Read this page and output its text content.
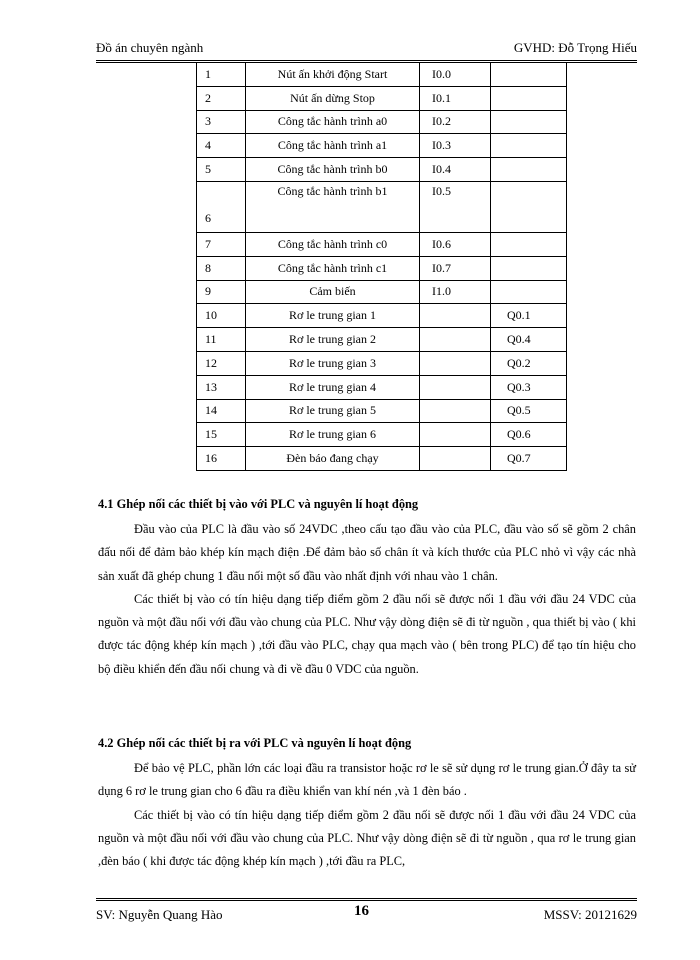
Đồ án chuyên ngành	GVHD: Đỗ Trọng Hiếu
1	Nút ấn khởi động Start	I0.0	
2	Nút ấn dừng Stop	I0.1	
3	Công tắc hành trình a0	I0.2	
4	Công tắc hành trình a1	I0.3	
5	Công tắc hành trình b0	I0.4	
6	Công tắc hành trình b1	I0.5	
7	Công tắc hành trình c0	I0.6	
8	Công tắc hành trình c1	I0.7	
9	Cảm biến	I1.0	
10	Rơ le trung gian 1		Q0.1
11	Rơ le trung gian 2		Q0.4
12	Rơ le trung gian 3		Q0.2
13	Rơ le trung gian 4		Q0.3
14	Rơ le trung gian 5		Q0.5
15	Rơ le trung gian 6		Q0.6
16	Đèn báo đang chạy		Q0.7
4.1 Ghép nối các thiết bị vào với PLC và nguyên lí hoạt động

Đầu vào của PLC là đầu vào số 24VDC ,theo cấu tạo đầu vào của PLC, đầu vào số sẽ gồm 2 chân đấu nối để đảm bảo khép kín mạch điện .Để đảm bảo số chân ít và kích thước của PLC nhỏ vì vậy các nhà sản xuất đã ghép chung 1 đầu nối một số đầu vào nhất định với nhau vào 1 chân.

Các thiết bị vào có tín hiệu dạng tiếp điểm gồm 2 đầu nối sẽ được nối 1 đầu với đầu 24 VDC của nguồn và một đầu nối với đầu vào chung của PLC. Như vậy dòng điện sẽ đi từ nguồn , qua thiết bị vào ( khi được tác động khép kín mạch ) ,tới đầu vào PLC, chạy qua mạch vào ( bên trong PLC) để tạo tín hiệu cho bộ điều khiển đến đầu nối chung và đi về đầu 0 VDC của nguồn.

4.2 Ghép nối các thiết bị ra với PLC và nguyên lí hoạt động

Để bảo vệ PLC, phần lớn các loại đầu ra transistor hoặc rơ le sẽ sử dụng rơ le trung gian.Ở đây ta sử dụng 6 rơ le trung gian cho 6 đầu ra điều khiển van khí nén ,và 1 đèn báo .

Các thiết bị vào có tín hiệu dạng tiếp điểm gồm 2 đầu nối sẽ được nối 1 đầu với đầu 24 VDC của nguồn và một đầu nối với đầu vào chung của PLC. Như vậy dòng điện sẽ đi từ nguồn , qua rơ le trung gian ,đèn báo ( khi được tác động khép kín mạch ) ,tới đầu ra PLC,

SV: Nguyễn Quang Hào	16	MSSV: 20121629
